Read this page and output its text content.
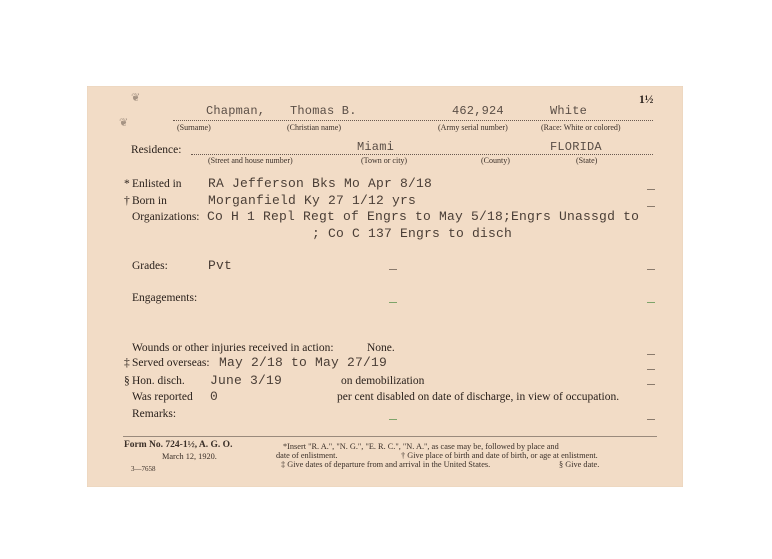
1½
❦
❦
Chapman, Thomas B.	462,924	White
(Surname)	(Christian name)	(Army serial number)	(Race: White or colored)
Residence:	Miami	FLORIDA
(Street and house number)	(Town or city)	(County)	(State)
* Enlisted in RA Jefferson Bks Mo Apr 8/18
† Born in	Morganfield Ky 27 1/12 yrs
Organizations: Co H 1 Repl Regt of Engrs to May 5/18;Engrs Unassgd to
; Co C 137 Engrs to disch
Grades:	Pvt
Engagements:
Wounds or other injuries received in action:	None.
‡ Served overseas: May 2/18 to May 27/19
§ Hon. disch. June 3/19	on demobilization
Was reported 0	per cent disabled on date of discharge, in view of occupation.
Remarks:
Form No. 724-1½, A. G. O.
March 12, 1920.
3—7658
*Insert "R. A.", "N. G.", "E. R. C.", "N. A.", as case may be, followed by place and
date of enlistment.	† Give place of birth and date of birth, or age at enlistment.
‡ Give dates of departure from and arrival in the United States.	§ Give date.
